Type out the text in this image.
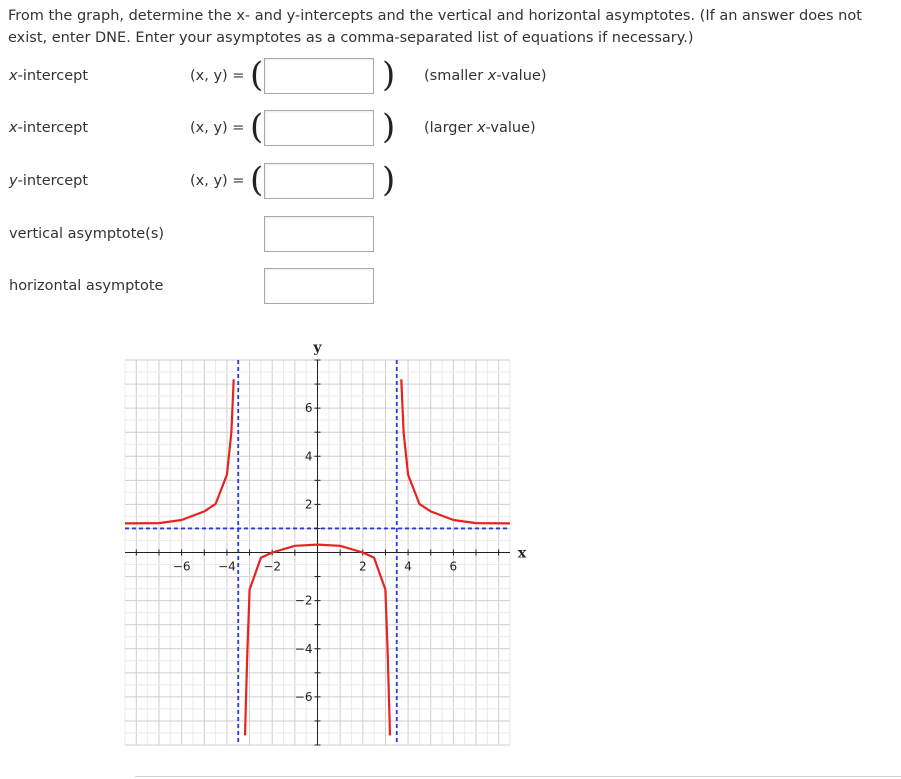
From the graph, determine the x- and y-intercepts and the vertical and horizontal asymptotes. (If an answer does not exist, enter DNE. Enter your asymptotes as a comma-separated list of equations if necessary.)
x-intercept	(x, y) = (	) (smaller x-value)
x-intercept	(x, y) = (	) (larger x-value)
y-intercept	(x, y) = (	)
vertical asymptote(s)
horizontal asymptote
−6 −4 −2	2	4	6
−6
−4
−2
2
4
6
x
y
